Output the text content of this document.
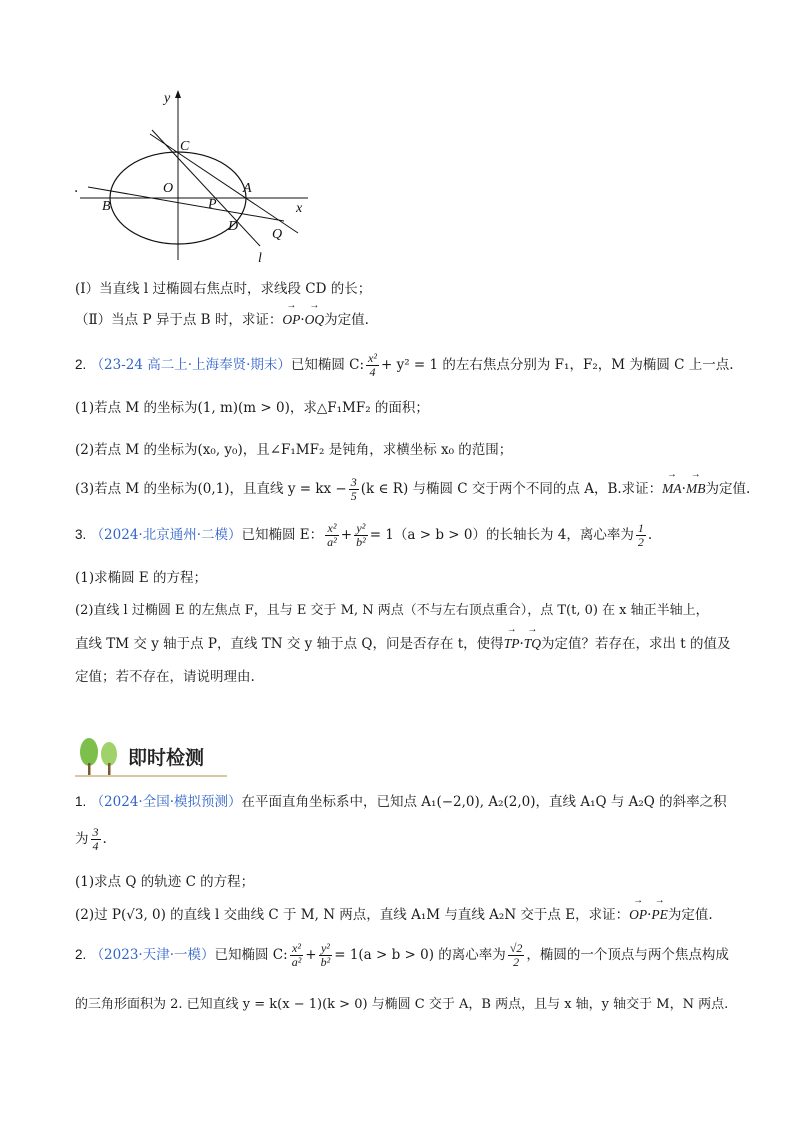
y
x
C
O	A
B	P
D
Q
l
.
(Ⅰ）当直线 l 过椭圆右焦点时，求线段 CD 的长；
（Ⅱ）当点 P 异于点 B 时，求证：→ OP·→ OQ为定值.
2. （23-24 高二上·上海奉贤·期末）已知椭圆 C: $\frac{\text{x²}}{4} + y^2 = 1$ 的左右焦点分别为 F₁，F₂，M 为椭圆 C 上一点.
(1)若点 M 的坐标为(1, m)(m > 0)，求△F₁MF₂ 的面积；
(2)若点 M 的坐标为(x₀, y₀)，且∠F₁MF₂ 是钝角，求横坐标 x₀ 的范围；
(3)若点 M 的坐标为(0,1)，且直线 y = kx − $\frac{3}{5} (k$ ∈ R) 与椭圆 C 交于两个不同的点 A，B.求证：→ MA·→ MB为定值.
3. （2024·北京通州·二模）已知椭圆 E： $\frac{\text{x²}}{\text{a²}} + \frac{\text{y²}}{\text{b²}} = 1(a > b > 0)$的长轴长为 4，离心率为 $\frac{1}{2}$ .
(1)求椭圆 E 的方程；
(2)直线 l 过椭圆 E 的左焦点 F，且与 E 交于 M, N 两点（不与左右顶点重合），点 T(t, 0) 在 x 轴正半轴上，
直线 TM 交 y 轴于点 P，直线 TN 交 y 轴于点 Q，问是否存在 t，使得→ TP·→ TQ为定值？若存在，求出 t 的值及
定值；若不存在，请说明理由.
即时检测
1. （2024·全国·模拟预测）在平面直角坐标系中，已知点 A₁(−2,0), A₂(2,0)，直线 A₁Q 与 A₂Q 的斜率之积
为 $\frac{3}{4}$ .
(1)求点 Q 的轨迹 C 的方程；
(2)过 P(√3, 0) 的直线 l 交曲线 C 于 M, N 两点，直线 A₁M 与直线 A₂N 交于点 E，求证：→ OP·→ PE为定值.
2. （2023·天津·一模）已知椭圆 C: $\frac{\text{x²}}{\text{a²}} + \frac{\text{y²}}{\text{b²}} = 1(a > b > 0)$ 的离心率为 $\frac{√2}{2}$ ，椭圆的一个顶点与两个焦点构成
的三角形面积为 2. 已知直线 y = k(x − 1)(k > 0) 与椭圆 C 交于 A，B 两点，且与 x 轴，y 轴交于 M，N 两点.
